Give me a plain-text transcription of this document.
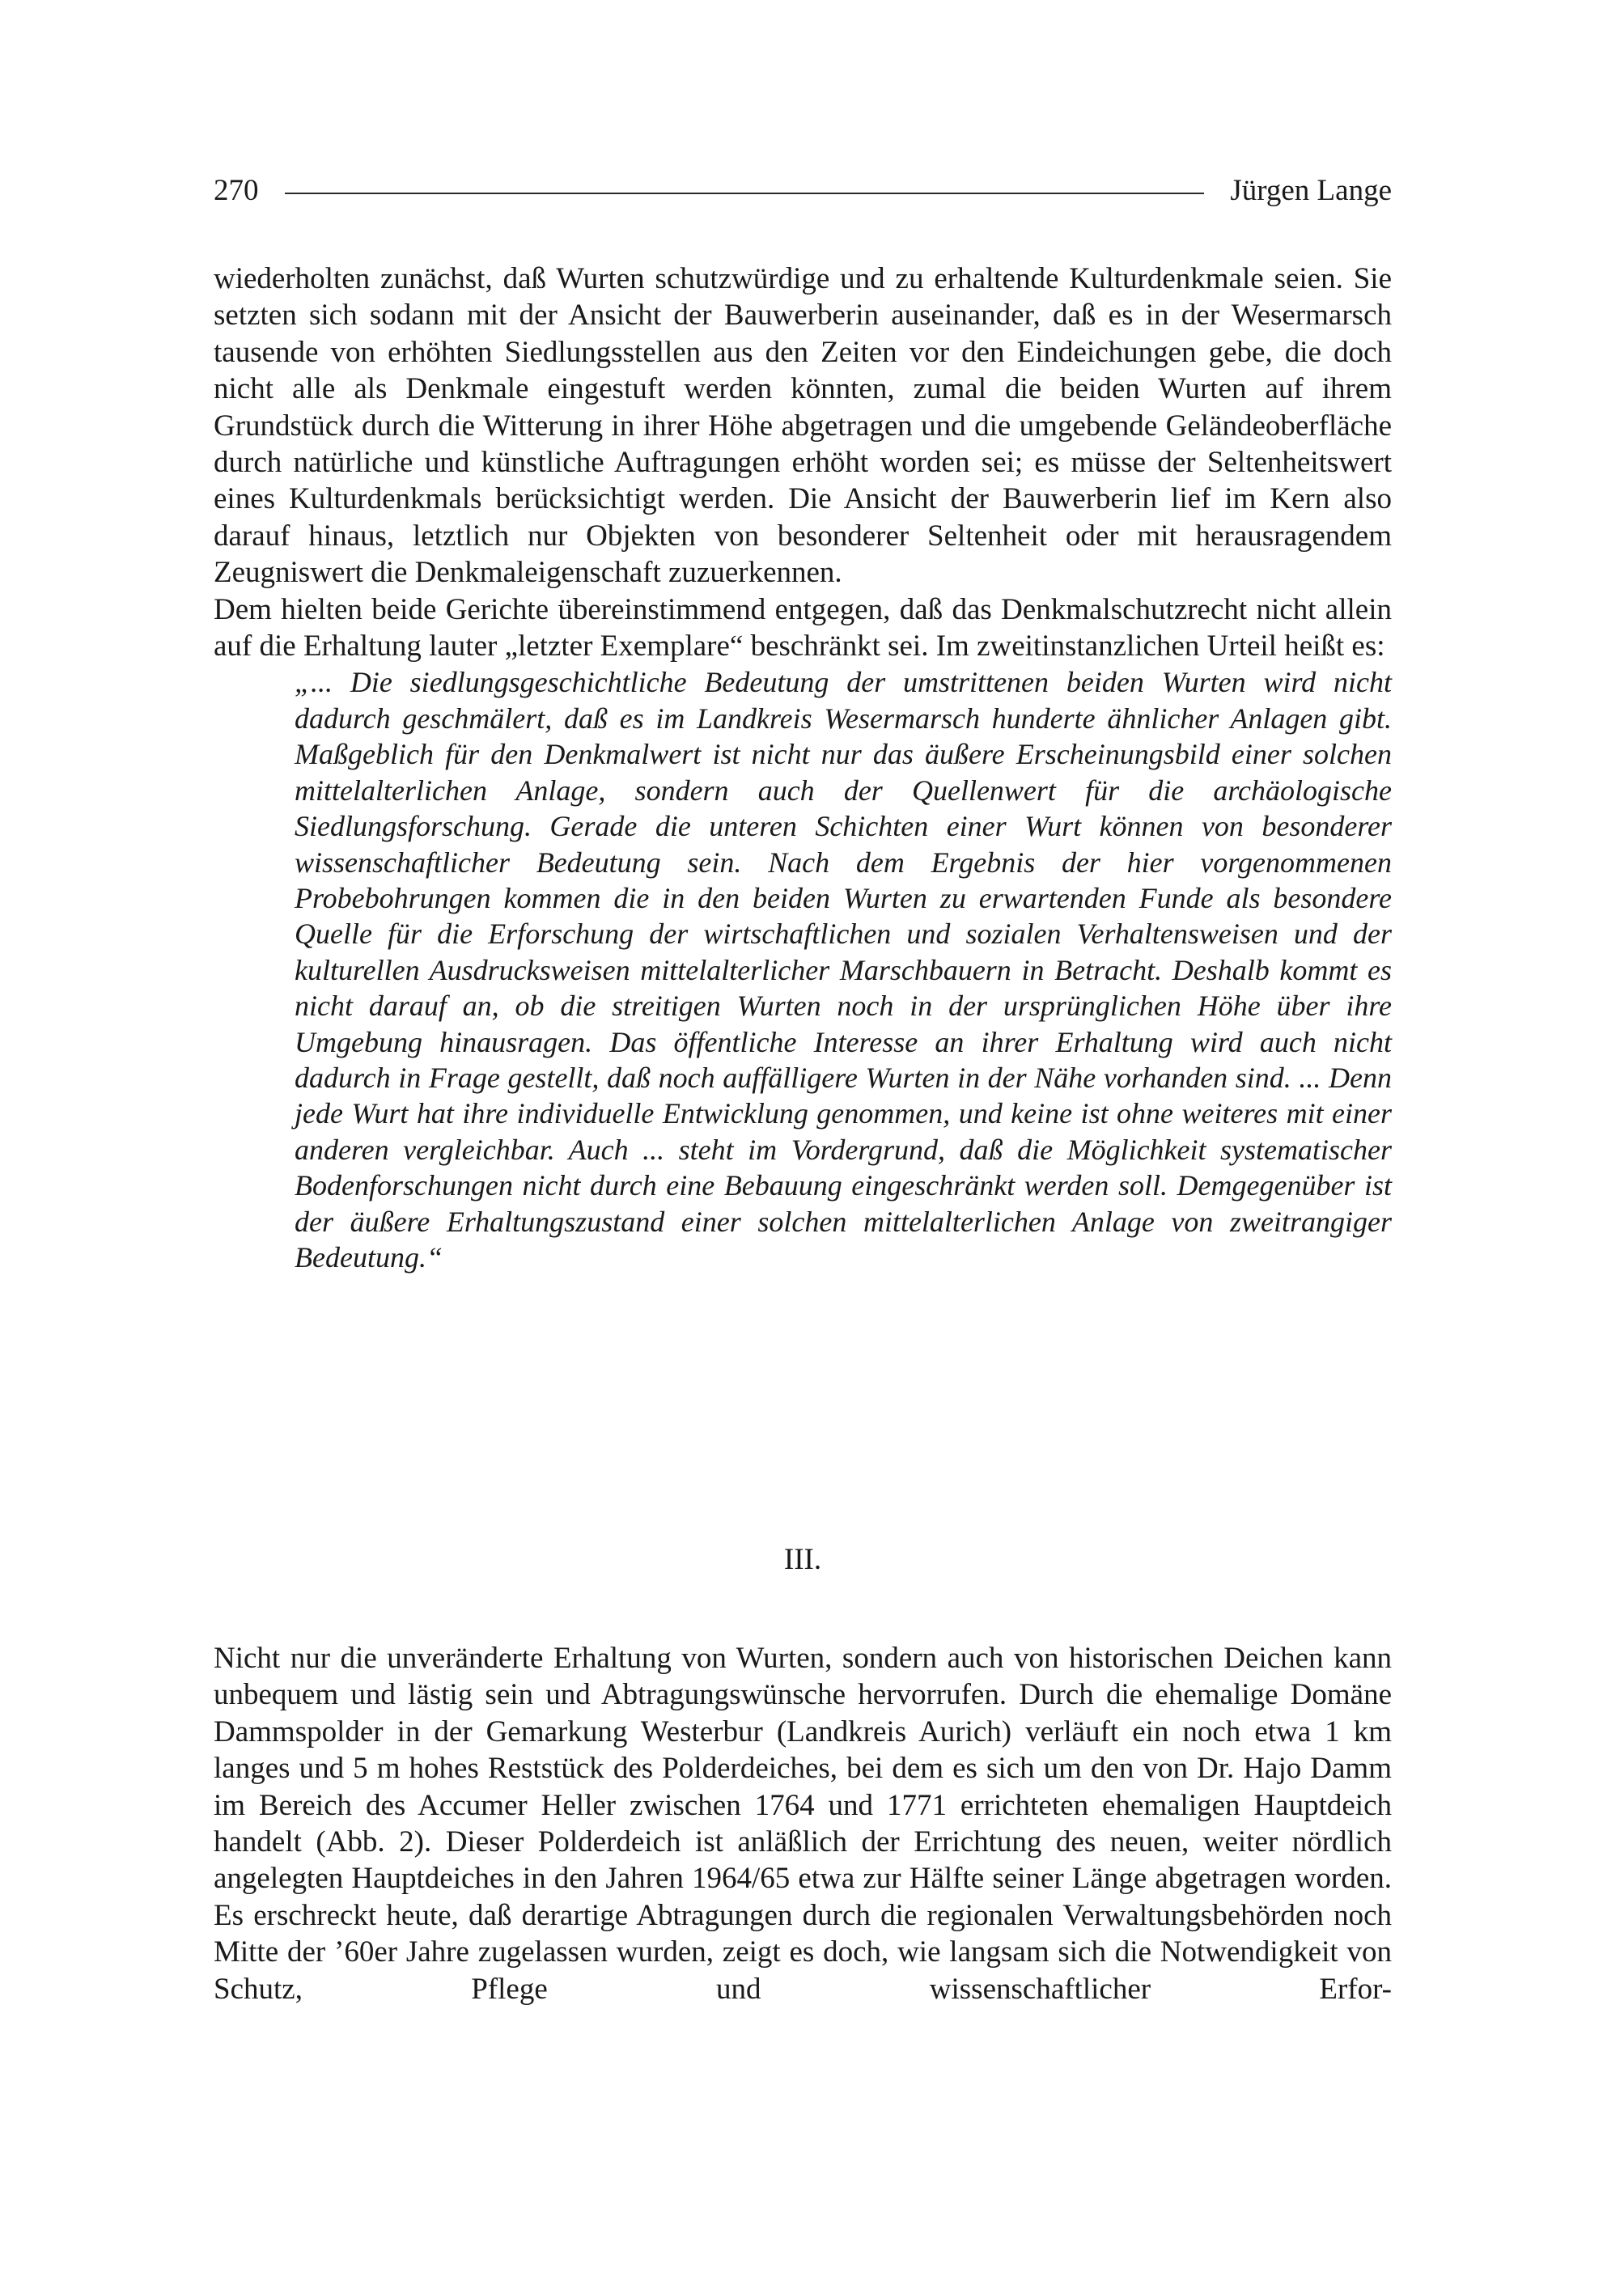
270	Jürgen Lange

wiederholten zunächst, daß Wurten schutzwürdige und zu erhaltende Kulturdenkmale seien. Sie setzten sich sodann mit der Ansicht der Bauwerberin auseinander, daß es in der Wesermarsch tausende von erhöhten Siedlungsstellen aus den Zeiten vor den Eindeichungen gebe, die doch nicht alle als Denkmale eingestuft werden könnten, zumal die beiden Wurten auf ihrem Grundstück durch die Witterung in ihrer Höhe abgetragen und die umgebende Geländeoberfläche durch natürliche und künstliche Auftragungen erhöht worden sei; es müsse der Seltenheitswert eines Kulturdenkmals berücksichtigt werden. Die Ansicht der Bauwerberin lief im Kern also darauf hinaus, letztlich nur Objekten von besonderer Seltenheit oder mit herausragendem Zeugniswert die Denkmaleigenschaft zuzuerkennen.

Dem hielten beide Gerichte übereinstimmend entgegen, daß das Denkmalschutzrecht nicht allein auf die Erhaltung lauter „letzter Exemplare“ beschränkt sei. Im zweitinstanzlichen Urteil heißt es:

„... Die siedlungsgeschichtliche Bedeutung der umstrittenen beiden Wurten wird nicht dadurch geschmälert, daß es im Landkreis Wesermarsch hunderte ähnlicher Anlagen gibt. Maßgeblich für den Denkmalwert ist nicht nur das äußere Erscheinungsbild einer solchen mittelalterlichen Anlage, sondern auch der Quellenwert für die archäologische Siedlungsforschung. Gerade die unteren Schichten einer Wurt können von besonderer wissenschaftlicher Bedeutung sein. Nach dem Ergebnis der hier vorgenommenen Probebohrungen kommen die in den beiden Wurten zu erwartenden Funde als besondere Quelle für die Erforschung der wirtschaftlichen und sozialen Verhaltensweisen und der kulturellen Ausdrucksweisen mittelalterlicher Marschbauern in Betracht. Deshalb kommt es nicht darauf an, ob die streitigen Wurten noch in der ursprünglichen Höhe über ihre Umgebung hinausragen. Das öffentliche Interesse an ihrer Erhaltung wird auch nicht dadurch in Frage gestellt, daß noch auffälligere Wurten in der Nähe vorhanden sind. ... Denn jede Wurt hat ihre individuelle Entwicklung genommen, und keine ist ohne weiteres mit einer anderen vergleichbar. Auch ... steht im Vordergrund, daß die Möglichkeit systematischer Bodenforschungen nicht durch eine Bebauung eingeschränkt werden soll. Demgegenüber ist der äußere Erhaltungszustand einer solchen mittelalterlichen Anlage von zweitrangiger Bedeutung.“

III.

Nicht nur die unveränderte Erhaltung von Wurten, sondern auch von historischen Deichen kann unbequem und lästig sein und Abtragungswünsche hervorrufen. Durch die ehemalige Domäne Dammspolder in der Gemarkung Westerbur (Landkreis Aurich) verläuft ein noch etwa 1 km langes und 5 m hohes Reststück des Polderdeiches, bei dem es sich um den von Dr. Hajo Damm im Bereich des Accumer Heller zwischen 1764 und 1771 errichteten ehemaligen Hauptdeich handelt (Abb. 2). Dieser Polderdeich ist anläßlich der Errichtung des neuen, weiter nördlich angelegten Hauptdeiches in den Jahren 1964/65 etwa zur Hälfte seiner Länge abgetragen worden. Es erschreckt heute, daß derartige Abtragungen durch die regionalen Verwaltungsbehörden noch Mitte der ’60er Jahre zugelassen wurden, zeigt es doch, wie langsam sich die Notwendigkeit von Schutz, Pflege und wissenschaftlicher Erfor-
